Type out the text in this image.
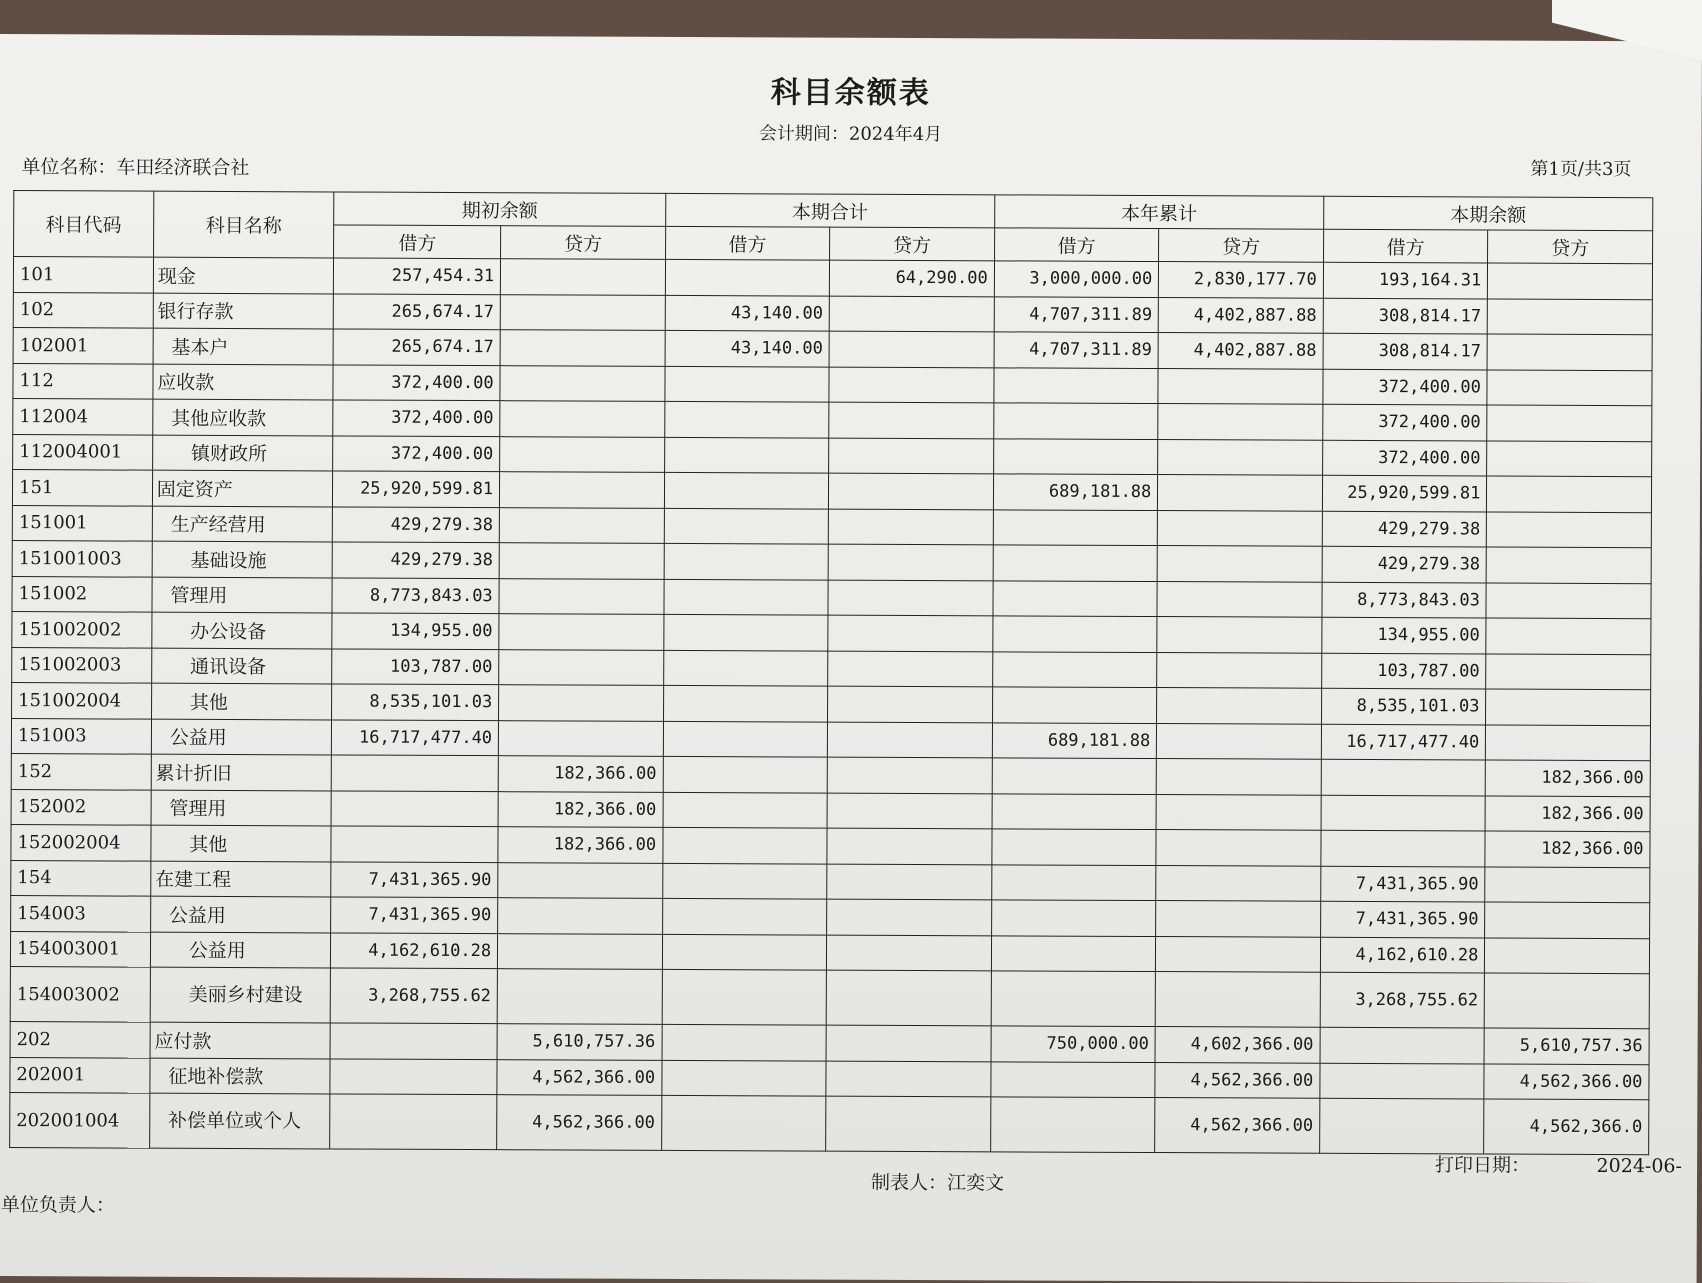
科目余额表
会计期间：2024年4月
单位名称：车田经济联合社	第1页/共3页
科目代码	科目名称	期初余额		本期合计		本年累计		本期余额	
		借方	贷方	借方	贷方	借方	贷方	借方	贷方
101	现金	257,454.31			64,290.00	3,000,000.00	2,830,177.70	193,164.31	
102	银行存款	265,674.17		43,140.00		4,707,311.89	4,402,887.88	308,814.17	
102001	基本户	265,674.17		43,140.00		4,707,311.89	4,402,887.88	308,814.17	
112	应收款	372,400.00						372,400.00	
112004	其他应收款	372,400.00						372,400.00	
112004001	镇财政所	372,400.00						372,400.00	
151	固定资产	25,920,599.81				689,181.88		25,920,599.81	
151001	生产经营用	429,279.38						429,279.38	
151001003	基础设施	429,279.38						429,279.38	
151002	管理用	8,773,843.03						8,773,843.03	
151002002	办公设备	134,955.00						134,955.00	
151002003	通讯设备	103,787.00						103,787.00	
151002004	其他	8,535,101.03						8,535,101.03	
151003	公益用	16,717,477.40				689,181.88		16,717,477.40	
152	累计折旧		182,366.00						182,366.00
152002	管理用		182,366.00						182,366.00
152002004	其他		182,366.00						182,366.00
154	在建工程	7,431,365.90						7,431,365.90	
154003	公益用	7,431,365.90						7,431,365.90	
154003001	公益用	4,162,610.28						4,162,610.28	
154003002	美丽乡村建设	3,268,755.62						3,268,755.62	
202	应付款		5,610,757.36			750,000.00	4,602,366.00		5,610,757.36
202001	征地补偿款		4,562,366.00				4,562,366.00		4,562,366.00
202001004	补偿单位或个人		4,562,366.00				4,562,366.00		4,562,366.0
制表人：江奕文
打印日期：　　　　2024-06-
单位负责人：
